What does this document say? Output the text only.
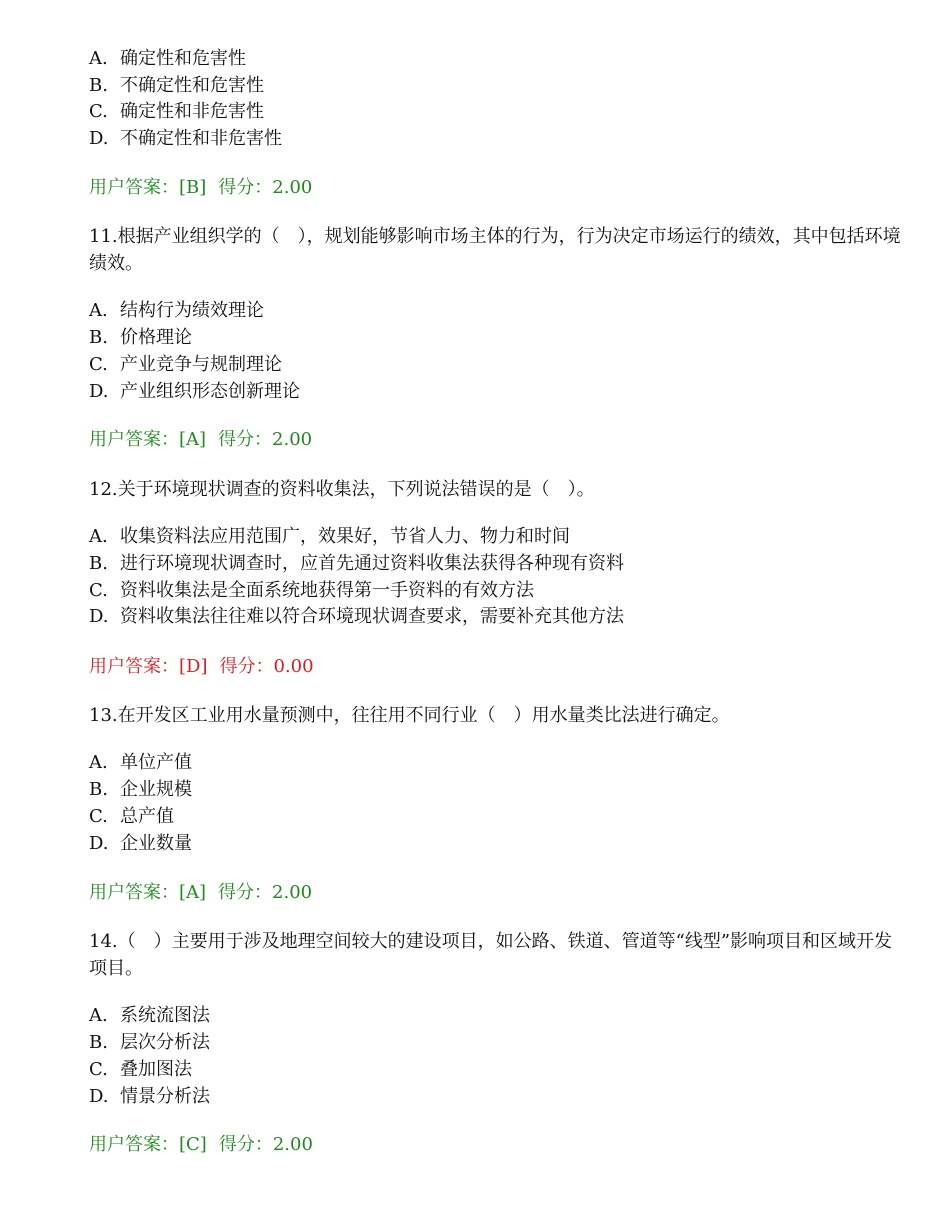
A. 确定性和危害性
B. 不确定性和危害性
C. 确定性和非危害性
D. 不确定性和非危害性
用户答案：[B] 得分：2.00
11.根据产业组织学的（　），规划能够影响市场主体的行为，行为决定市场运行的绩效，其中包括环境绩效。
A. 结构行为绩效理论
B. 价格理论
C. 产业竞争与规制理论
D. 产业组织形态创新理论
用户答案：[A] 得分：2.00
12.关于环境现状调查的资料收集法，下列说法错误的是（　）。
A. 收集资料法应用范围广，效果好，节省人力、物力和时间
B. 进行环境现状调查时，应首先通过资料收集法获得各种现有资料
C. 资料收集法是全面系统地获得第一手资料的有效方法
D. 资料收集法往往难以符合环境现状调查要求，需要补充其他方法
用户答案：[D] 得分：0.00
13.在开发区工业用水量预测中，往往用不同行业（　）用水量类比法进行确定。
A. 单位产值
B. 企业规模
C. 总产值
D. 企业数量
用户答案：[A] 得分：2.00
14.（　）主要用于涉及地理空间较大的建设项目，如公路、铁道、管道等“线型”影响项目和区域开发项目。
A. 系统流图法
B. 层次分析法
C. 叠加图法
D. 情景分析法
用户答案：[C] 得分：2.00
